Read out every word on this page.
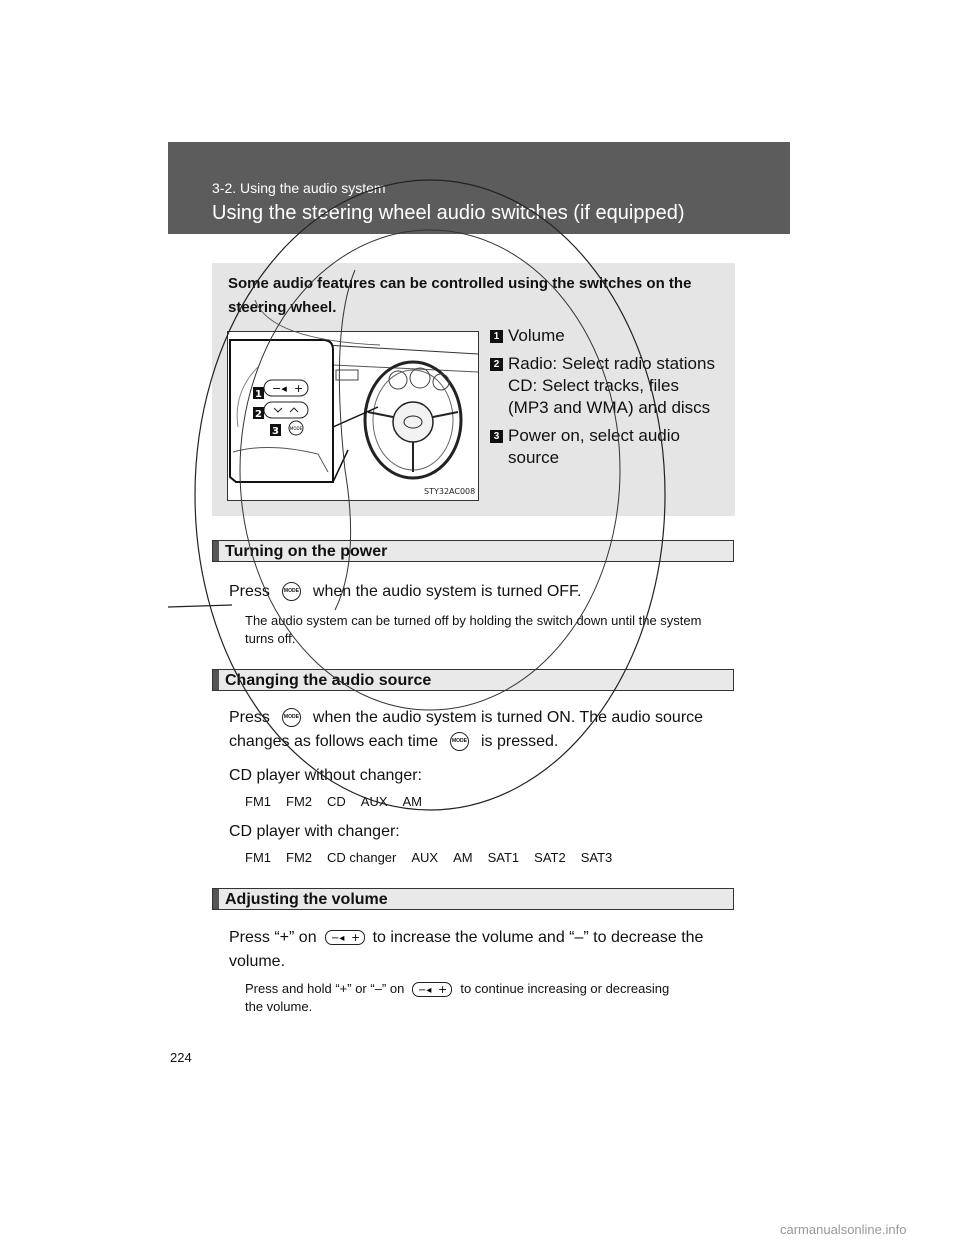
3-2. Using the audio system
Using the steering wheel audio switches (if equipped)
Some audio features can be controlled using the switches on the steering wheel.
−◂ +
MODE
1
2
3
STY32AC008
1 Volume
2 Radio: Select radio stations
CD: Select tracks, files
(MP3 and WMA) and discs
3 Power on, select audio
source
Turning on the power
Press	MODE when the audio system is turned OFF.
The audio system can be turned off by holding the switch down until the system turns off.
Changing the audio source
Press	MODE when the audio system is turned ON. The audio source
changes as follows each time	MODE is pressed.
CD player without changer:
FM1 FM2 CD AUX AM
CD player with changer:
FM1 FM2 CD changer AUX AM SAT1 SAT2 SAT3
Adjusting the volume
Press “+” on −◂ + to increase the volume and “–” to decrease the
volume.
Press and hold “+” or “–” on −◂ + to continue increasing or decreasing
the volume.
224
carmanualsonline.info
